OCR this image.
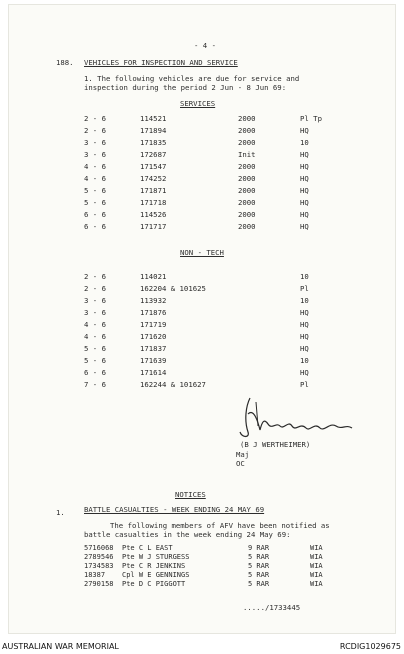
- 4 -
188. VEHICLES FOR INSPECTION AND SERVICE
1. The following vehicles are due for service and
inspection during the period 2 Jun - 8 Jun 69:
SERVICES
2 - 6	114521	2000	Pl Tp
2 - 6	171894	2000	HQ
3 - 6	171835	2000	10
3 - 6	172687	Init	HQ
4 - 6	171547	2000	HQ
4 - 6	174252	2000	HQ
5 - 6	171871	2000	HQ
5 - 6	171718	2000	HQ
6 - 6	114526	2000	HQ
6 - 6	171717	2000	HQ
NON - TECH
2 - 6	114021	10
2 - 6	162204 & 101625	Pl
3 - 6	113932	10
3 - 6	171876	HQ
4 - 6	171719	HQ
4 - 6	171620	HQ
5 - 6	171837	HQ
5 - 6	171639	10
6 - 6	171614	HQ
7 - 6	162244 & 101627	Pl
(B J WERTHEIMER)
Maj
OC
NOTICES
1.	BATTLE CASUALTIES - WEEK ENDING 24 MAY 69
The following members of AFV have been notified as
battle casualties in the week ending 24 May 69:
5716068 Pte C L EAST	9 RAR	WIA
2789546 Pte W J STURGESS	5 RAR	WIA
1734583 Pte C R JENKINS	5 RAR	WIA
18387 Cpl W E GENNINGS	5 RAR	WIA
2790158 Pte D C PIGGOTT	5 RAR	WIA
...../1733445
AUSTRALIAN WAR MEMORIAL	RCDIG1029675
